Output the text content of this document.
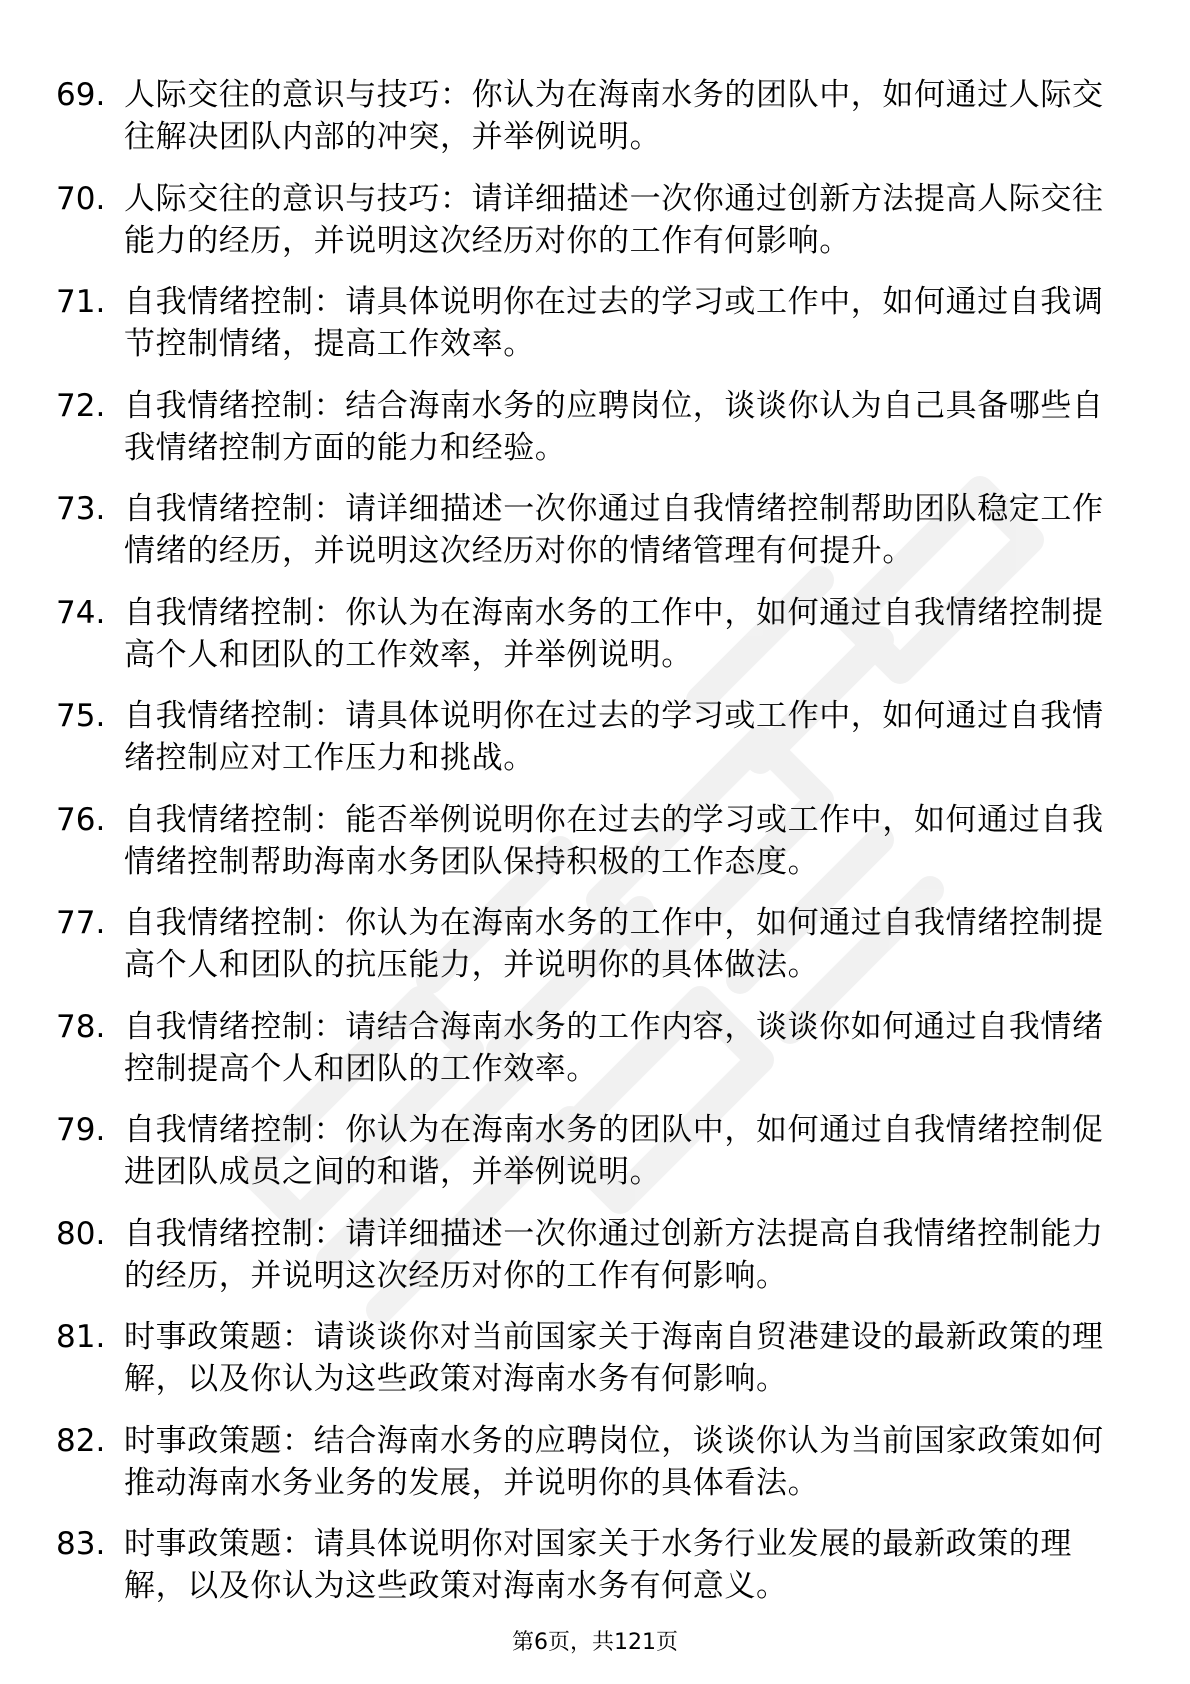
69. 人际交往的意识与技巧：你认为在海南水务的团队中，如何通过人际交往解决团队内部的冲突，并举例说明。
70. 人际交往的意识与技巧：请详细描述一次你通过创新方法提高人际交往能力的经历，并说明这次经历对你的工作有何影响。
71. 自我情绪控制：请具体说明你在过去的学习或工作中，如何通过自我调节控制情绪，提高工作效率。
72. 自我情绪控制：结合海南水务的应聘岗位，谈谈你认为自己具备哪些自我情绪控制方面的能力和经验。
73. 自我情绪控制：请详细描述一次你通过自我情绪控制帮助团队稳定工作情绪的经历，并说明这次经历对你的情绪管理有何提升。
74. 自我情绪控制：你认为在海南水务的工作中，如何通过自我情绪控制提高个人和团队的工作效率，并举例说明。
75. 自我情绪控制：请具体说明你在过去的学习或工作中，如何通过自我情绪控制应对工作压力和挑战。
76. 自我情绪控制：能否举例说明你在过去的学习或工作中，如何通过自我情绪控制帮助海南水务团队保持积极的工作态度。
77. 自我情绪控制：你认为在海南水务的工作中，如何通过自我情绪控制提高个人和团队的抗压能力，并说明你的具体做法。
78. 自我情绪控制：请结合海南水务的工作内容，谈谈你如何通过自我情绪控制提高个人和团队的工作效率。
79. 自我情绪控制：你认为在海南水务的团队中，如何通过自我情绪控制促进团队成员之间的和谐，并举例说明。
80. 自我情绪控制：请详细描述一次你通过创新方法提高自我情绪控制能力的经历，并说明这次经历对你的工作有何影响。
81. 时事政策题：请谈谈你对当前国家关于海南自贸港建设的最新政策的理解，以及你认为这些政策对海南水务有何影响。
82. 时事政策题：结合海南水务的应聘岗位，谈谈你认为当前国家政策如何推动海南水务业务的发展，并说明你的具体看法。
83. 时事政策题：请具体说明你对国家关于水务行业发展的最新政策的理解，以及你认为这些政策对海南水务有何意义。
第6页，共121页
